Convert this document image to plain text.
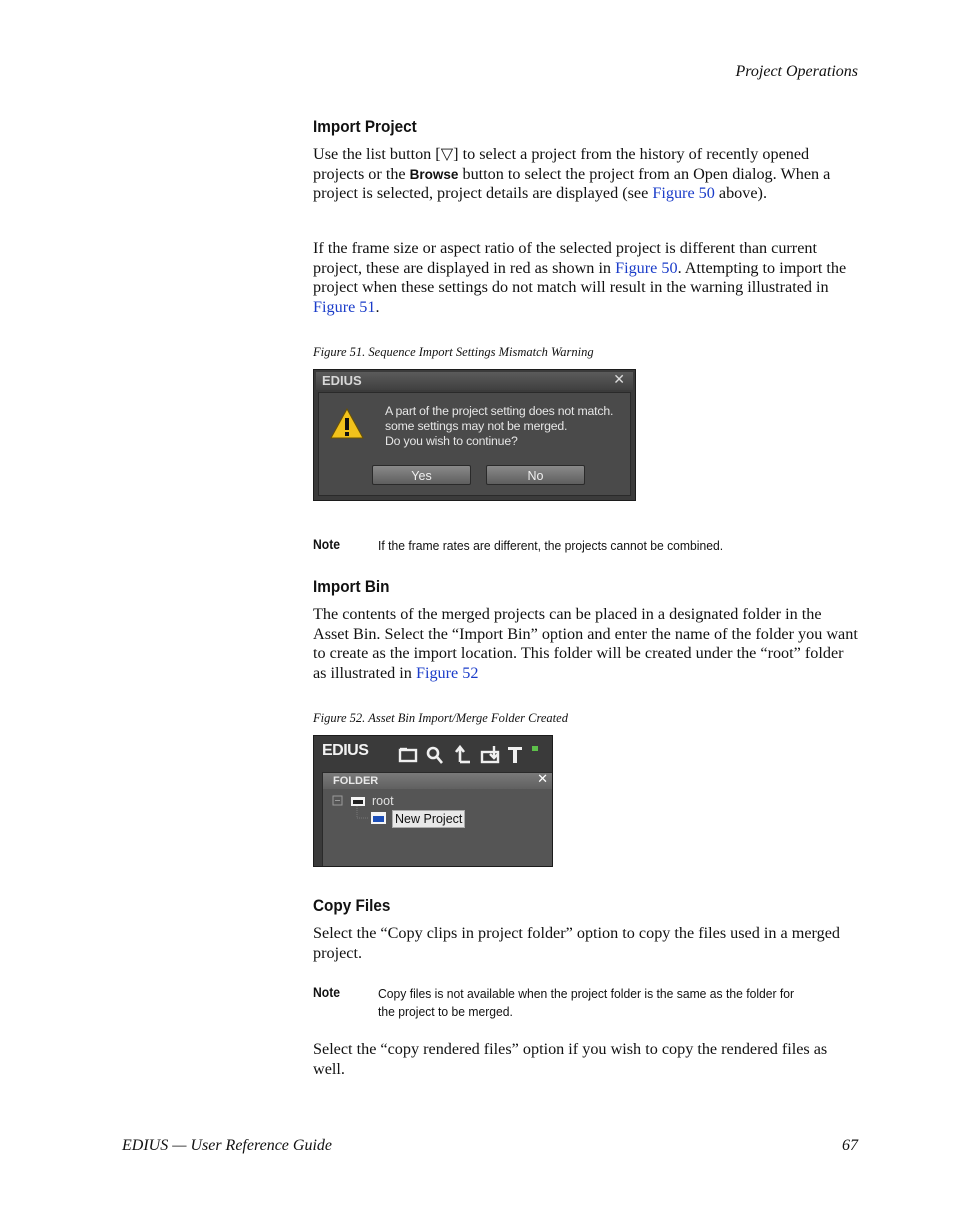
Project Operations
Import Project
Use the list button [▽] to select a project from the history of recently opened projects or the Browse button to select the project from an Open dialog. When a project is selected, project details are displayed (see Figure 50 above).
If the frame size or aspect ratio of the selected project is different than current project, these are displayed in red as shown in Figure 50. Attempting to import the project when these settings do not match will result in the warning illustrated in Figure 51.
Figure 51. Sequence Import Settings Mismatch Warning
EDIUS	✕
A part of the project setting does not match.
some settings may not be merged.
Do you wish to continue?
Yes	No
Note	If the frame rates are different, the projects cannot be combined.
Import Bin
The contents of the merged projects can be placed in a designated folder in the Asset Bin. Select the “Import Bin” option and enter the name of the folder you want to create as the import location. This folder will be created under the “root” folder as illustrated in Figure 52
Figure 52. Asset Bin Import/Merge Folder Created
EDIUS
FOLDER	✕
root
New Project
Copy Files
Select the “Copy clips in project folder” option to copy the files used in a merged project.
Note	Copy files is not available when the project folder is the same as the folder for the project to be merged.
Select the “copy rendered files” option if you wish to copy the rendered files as well.
EDIUS — User Reference Guide	67
